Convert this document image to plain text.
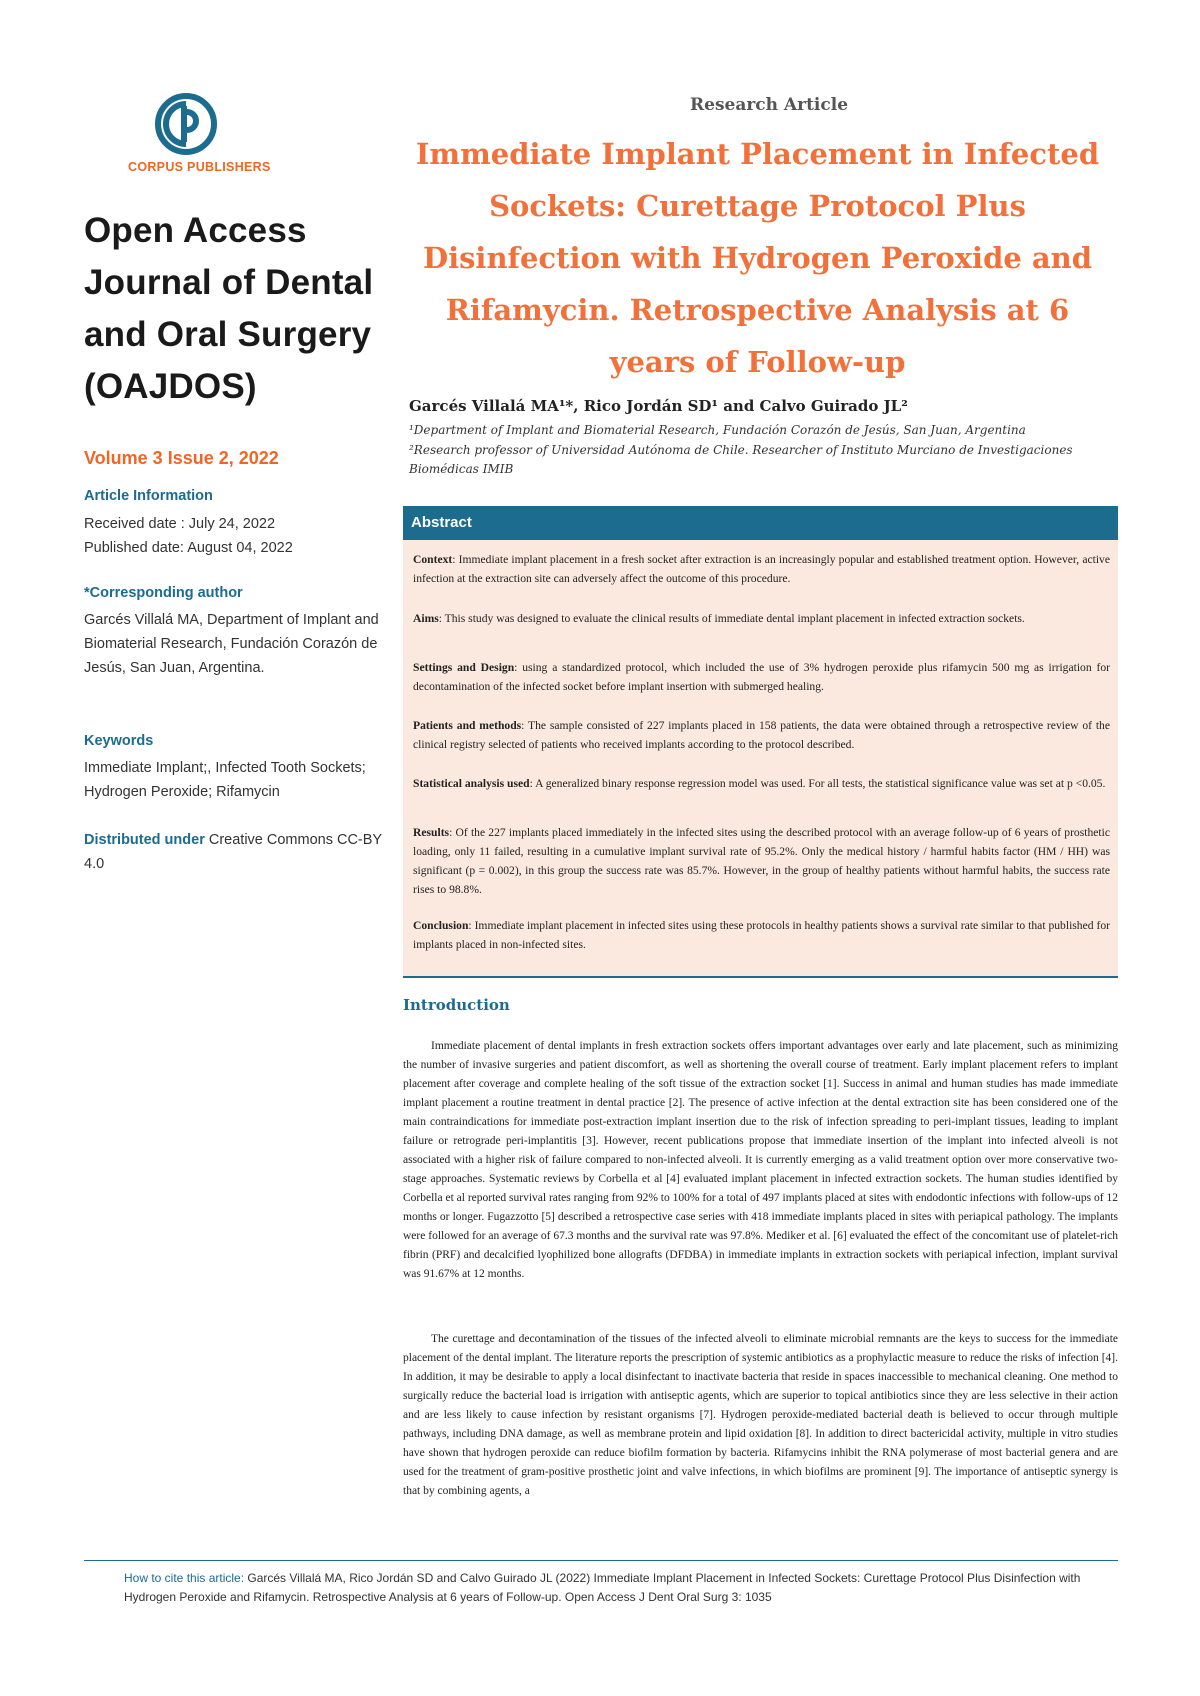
CORPUS PUBLISHERS
Open Access
Journal of Dental
and Oral Surgery
(OAJDOS)
Volume 3 Issue 2, 2022
Article Information
Received date : July 24, 2022
Published date: August 04, 2022
*Corresponding author
Garcés Villalá MA, Department of Implant and Biomaterial Research, Fundación Corazón de Jesús, San Juan, Argentina.
Keywords
Immediate Implant;, Infected Tooth Sockets; Hydrogen Peroxide; Rifamycin
Distributed under Creative Commons CC-BY 4.0
Research Article
Immediate Implant Placement in Infected Sockets: Curettage Protocol Plus Disinfection with Hydrogen Peroxide and Rifamycin. Retrospective Analysis at 6 years of Follow-up
Garcés Villalá MA¹*, Rico Jordán SD¹ and Calvo Guirado JL²
¹Department of Implant and Biomaterial Research, Fundación Corazón de Jesús, San Juan, Argentina
²Research professor of Universidad Autónoma de Chile. Researcher of Instituto Murciano de Investigaciones Biomédicas IMIB
Abstract
Context: Immediate implant placement in a fresh socket after extraction is an increasingly popular and established treatment option. However, active infection at the extraction site can adversely affect the outcome of this procedure.
Aims: This study was designed to evaluate the clinical results of immediate dental implant placement in infected extraction sockets.
Settings and Design: using a standardized protocol, which included the use of 3% hydrogen peroxide plus rifamycin 500 mg as irrigation for decontamination of the infected socket before implant insertion with submerged healing.
Patients and methods: The sample consisted of 227 implants placed in 158 patients, the data were obtained through a retrospective review of the clinical registry selected of patients who received implants according to the protocol described.
Statistical analysis used: A generalized binary response regression model was used. For all tests, the statistical significance value was set at p <0.05.
Results: Of the 227 implants placed immediately in the infected sites using the described protocol with an average follow-up of 6 years of prosthetic loading, only 11 failed, resulting in a cumulative implant survival rate of 95.2%. Only the medical history / harmful habits factor (HM / HH) was significant (p = 0.002), in this group the success rate was 85.7%. However, in the group of healthy patients without harmful habits, the success rate rises to 98.8%.
Conclusion: Immediate implant placement in infected sites using these protocols in healthy patients shows a survival rate similar to that published for implants placed in non-infected sites.
Introduction
Immediate placement of dental implants in fresh extraction sockets offers important advantages over early and late placement, such as minimizing the number of invasive surgeries and patient discomfort, as well as shortening the overall course of treatment. Early implant placement refers to implant placement after coverage and complete healing of the soft tissue of the extraction socket [1]. Success in animal and human studies has made immediate implant placement a routine treatment in dental practice [2]. The presence of active infection at the dental extraction site has been considered one of the main contraindications for immediate post-extraction implant insertion due to the risk of infection spreading to peri-implant tissues, leading to implant failure or retrograde peri-implantitis [3]. However, recent publications propose that immediate insertion of the implant into infected alveoli is not associated with a higher risk of failure compared to non-infected alveoli. It is currently emerging as a valid treatment option over more conservative two-stage approaches. Systematic reviews by Corbella et al [4] evaluated implant placement in infected extraction sockets. The human studies identified by Corbella et al reported survival rates ranging from 92% to 100% for a total of 497 implants placed at sites with endodontic infections with follow-ups of 12 months or longer. Fugazzotto [5] described a retrospective case series with 418 immediate implants placed in sites with periapical pathology. The implants were followed for an average of 67.3 months and the survival rate was 97.8%. Mediker et al. [6] evaluated the effect of the concomitant use of platelet-rich fibrin (PRF) and decalcified lyophilized bone allografts (DFDBA) in immediate implants in extraction sockets with periapical infection, implant survival was 91.67% at 12 months.
The curettage and decontamination of the tissues of the infected alveoli to eliminate microbial remnants are the keys to success for the immediate placement of the dental implant. The literature reports the prescription of systemic antibiotics as a prophylactic measure to reduce the risks of infection [4]. In addition, it may be desirable to apply a local disinfectant to inactivate bacteria that reside in spaces inaccessible to mechanical cleaning. One method to surgically reduce the bacterial load is irrigation with antiseptic agents, which are superior to topical antibiotics since they are less selective in their action and are less likely to cause infection by resistant organisms [7]. Hydrogen peroxide-mediated bacterial death is believed to occur through multiple pathways, including DNA damage, as well as membrane protein and lipid oxidation [8]. In addition to direct bactericidal activity, multiple in vitro studies have shown that hydrogen peroxide can reduce biofilm formation by bacteria. Rifamycins inhibit the RNA polymerase of most bacterial genera and are used for the treatment of gram-positive prosthetic joint and valve infections, in which biofilms are prominent [9]. The importance of antiseptic synergy is that by combining agents, a
How to cite this article: Garcés Villalá MA, Rico Jordán SD and Calvo Guirado JL (2022) Immediate Implant Placement in Infected Sockets: Curettage Protocol Plus Disinfection with Hydrogen Peroxide and Rifamycin. Retrospective Analysis at 6 years of Follow-up. Open Access J Dent Oral Surg 3: 1035
